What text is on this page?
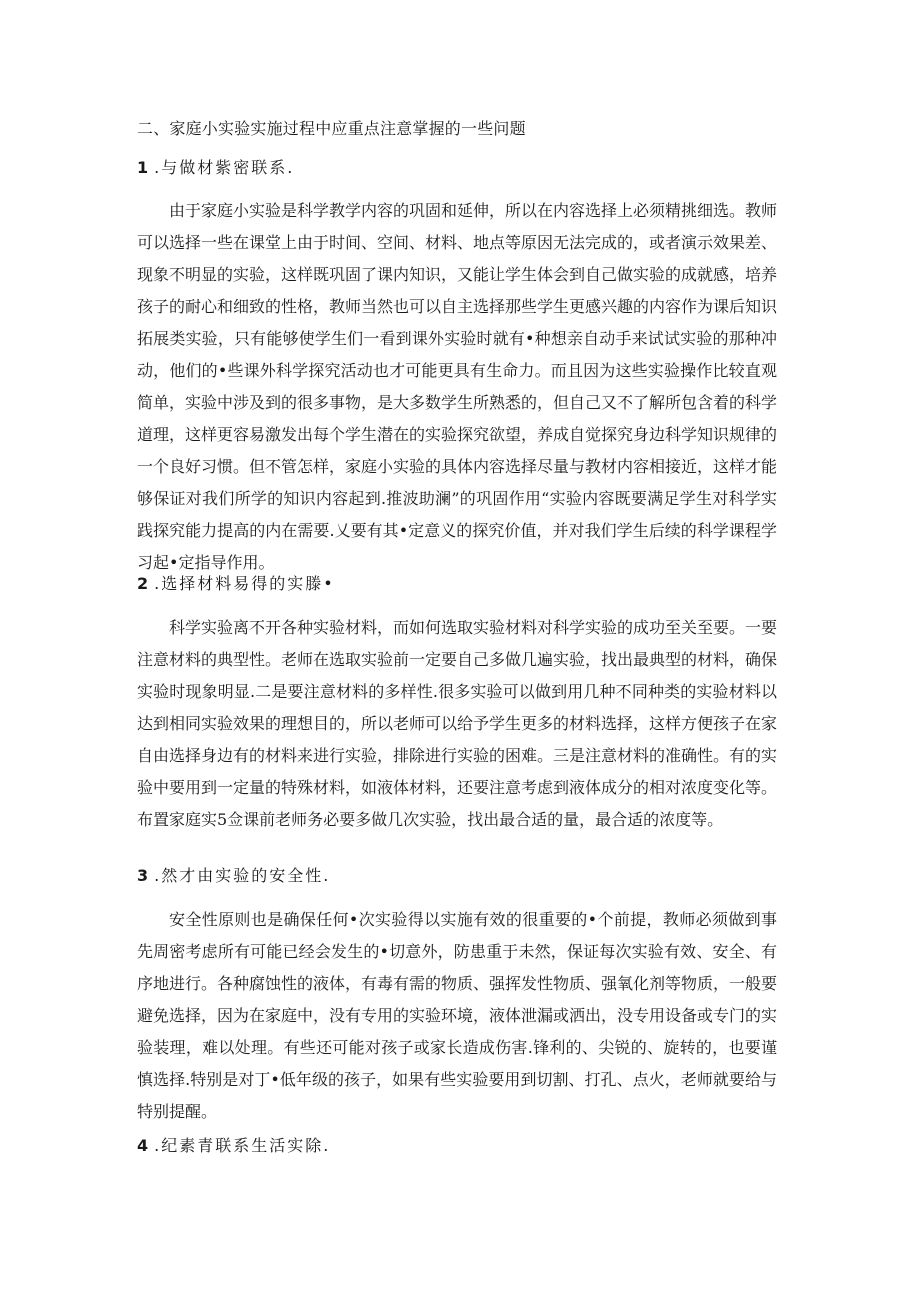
二、家庭小实验实施过程中应重点注意掌握的一些问题
1 .与做材紫密联系.

由于家庭小实验是科学教学内容的巩固和延伸，所以在内容选择上必须精挑细选。教师可以选择一些在课堂上由于时间、空间、材料、地点等原因无法完成的，或者演示效果差、现象不明显的实验，这样既巩固了课内知识，又能让学生体会到自己做实验的成就感，培养孩子的耐心和细致的性格，教师当然也可以自主选择那些学生更感兴趣的内容作为课后知识拓展类实验，只有能够使学生们一看到课外实验时就有•种想亲自动手来试试实验的那种冲动，他们的•些课外科学探究活动也才可能更具有生命力。而且因为这些实验操作比较直观简单，实验中涉及到的很多事物，是大多数学生所熟悉的，但自己又不了解所包含着的科学道理，这样更容易激发出每个学生潜在的实验探究欲望，养成自觉探究身边科学知识规律的一个良好习惯。但不管怎样，家庭小实验的具体内容选择尽量与教材内容相接近，这样才能够保证对我们所学的知识内容起到.推波助澜”的巩固作用“实验内容既要满足学生对科学实践探究能力提高的内在需要.乂要有其•定意义的探究价值，并对我们学生后续的科学课程学习起•定指导作用。

2 .选择材料易得的实滕•

科学实验离不开各种实验材料，而如何选取实验材料对科学实验的成功至关至要。一要注意材料的典型性。老师在选取实验前一定要自己多做几遍实验，找出最典型的材料，确保实验时现象明显.二是要注意材料的多样性.很多实验可以做到用几种不同种类的实验材料以达到相同实验效果的理想目的，所以老师可以给予学生更多的材料选择，这样方便孩子在家自由选择身边有的材料来进行实验，排除进行实验的困难。三是注意材料的准确性。有的实验中要用到一定量的特殊材料，如液体材料，还要注意考虑到液体成分的相对浓度变化等。布置家庭实5佥课前老师务必要多做几次实验，找出最合适的量，最合适的浓度等。

3 .然才由实验的安全性.

安全性原则也是确保任何•次实验得以实施有效的很重要的•个前提，教师必须做到事先周密考虑所有可能已经会发生的•切意外，防患重于未然，保证每次实验有效、安全、有序地进行。各种腐蚀性的液体，有毒有需的物质、强挥发性物质、强氧化剂等物质，一般要避免选择，因为在家庭中，没有专用的实验环境，液体泄漏或洒出，没专用设备或专门的实验装理，难以处理。有些还可能对孩子或家长造成伤害.锋利的、尖锐的、旋转的，也要谨慎选择.特别是对丁•低年级的孩子，如果有些实验要用到切割、打孔、点火，老师就要给与特别提醒。

4 .纪素青联系生活实除.
